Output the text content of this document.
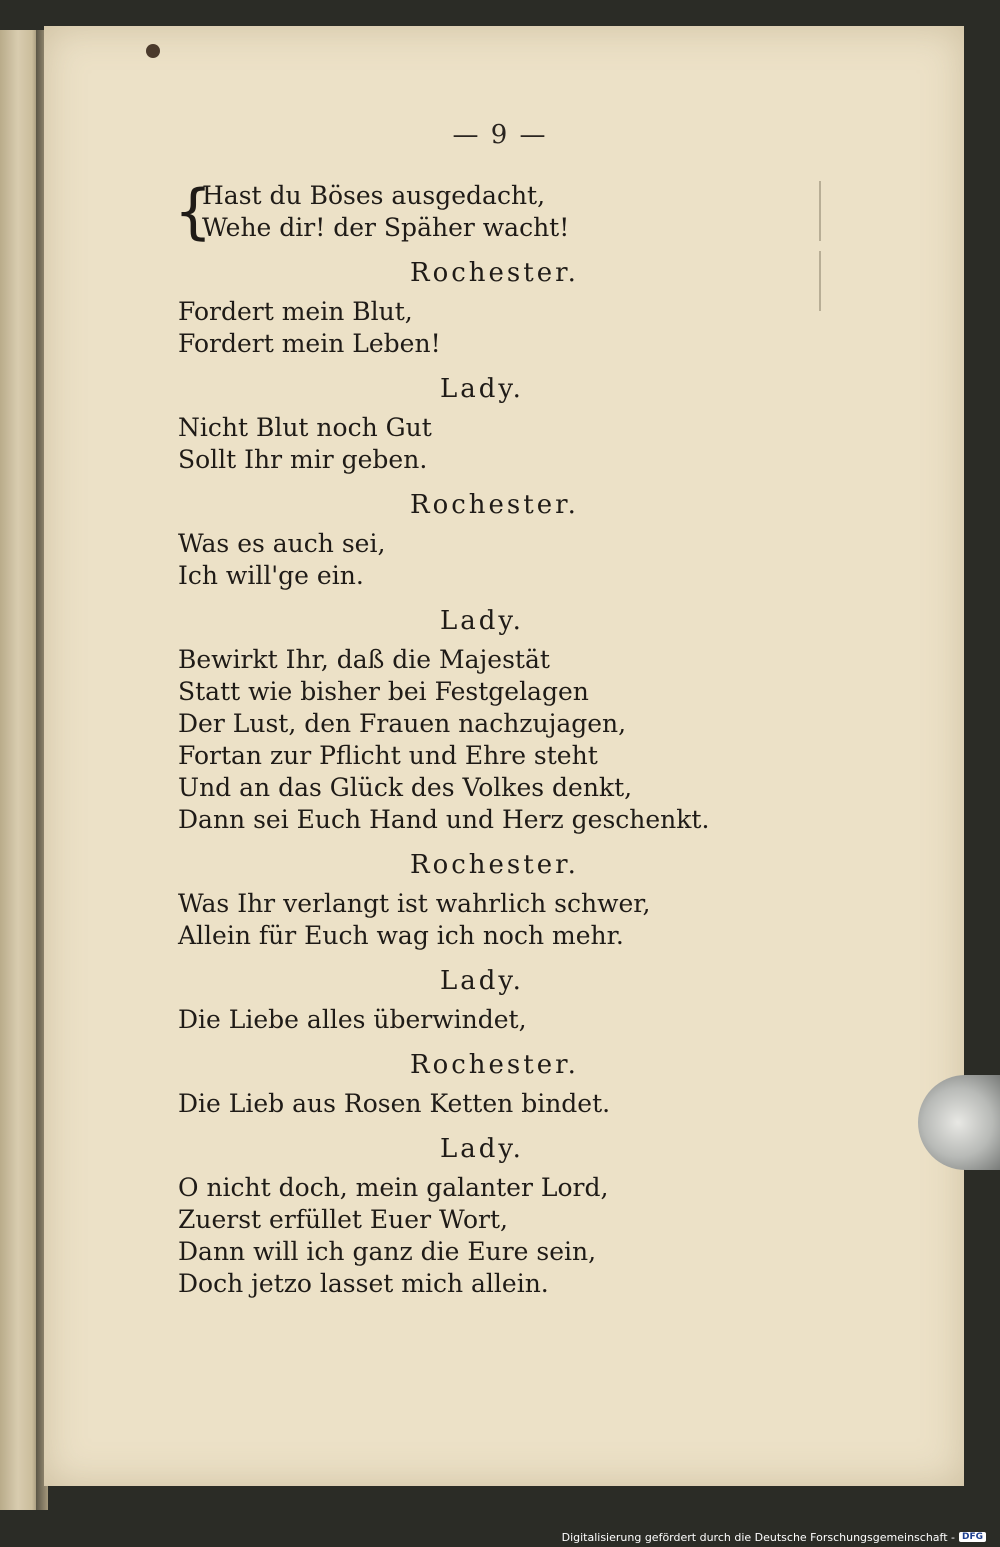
— 9 —
{

Hast du Böses ausgedacht,

Wehe dir! der Späher wacht!

Rochester.

Fordert mein Blut,

Fordert mein Leben!

Lady.

Nicht Blut noch Gut

Sollt Ihr mir geben.

Rochester.

Was es auch sei,

Ich will'ge ein.

Lady.

Bewirkt Ihr, daß die Majestät

Statt wie bisher bei Festgelagen

Der Lust, den Frauen nachzujagen,

Fortan zur Pflicht und Ehre steht

Und an das Glück des Volkes denkt,

Dann sei Euch Hand und Herz geschenkt.

Rochester.

Was Ihr verlangt ist wahrlich schwer,

Allein für Euch wag ich noch mehr.

Lady.

Die Liebe alles überwindet,

Rochester.

Die Lieb aus Rosen Ketten bindet.

Lady.

O nicht doch, mein galanter Lord,

Zuerst erfüllet Euer Wort,

Dann will ich ganz die Eure sein,

Doch jetzo lasset mich allein.

Digitalisierung gefördert durch die Deutsche Forschungsgemeinschaft - DFG
